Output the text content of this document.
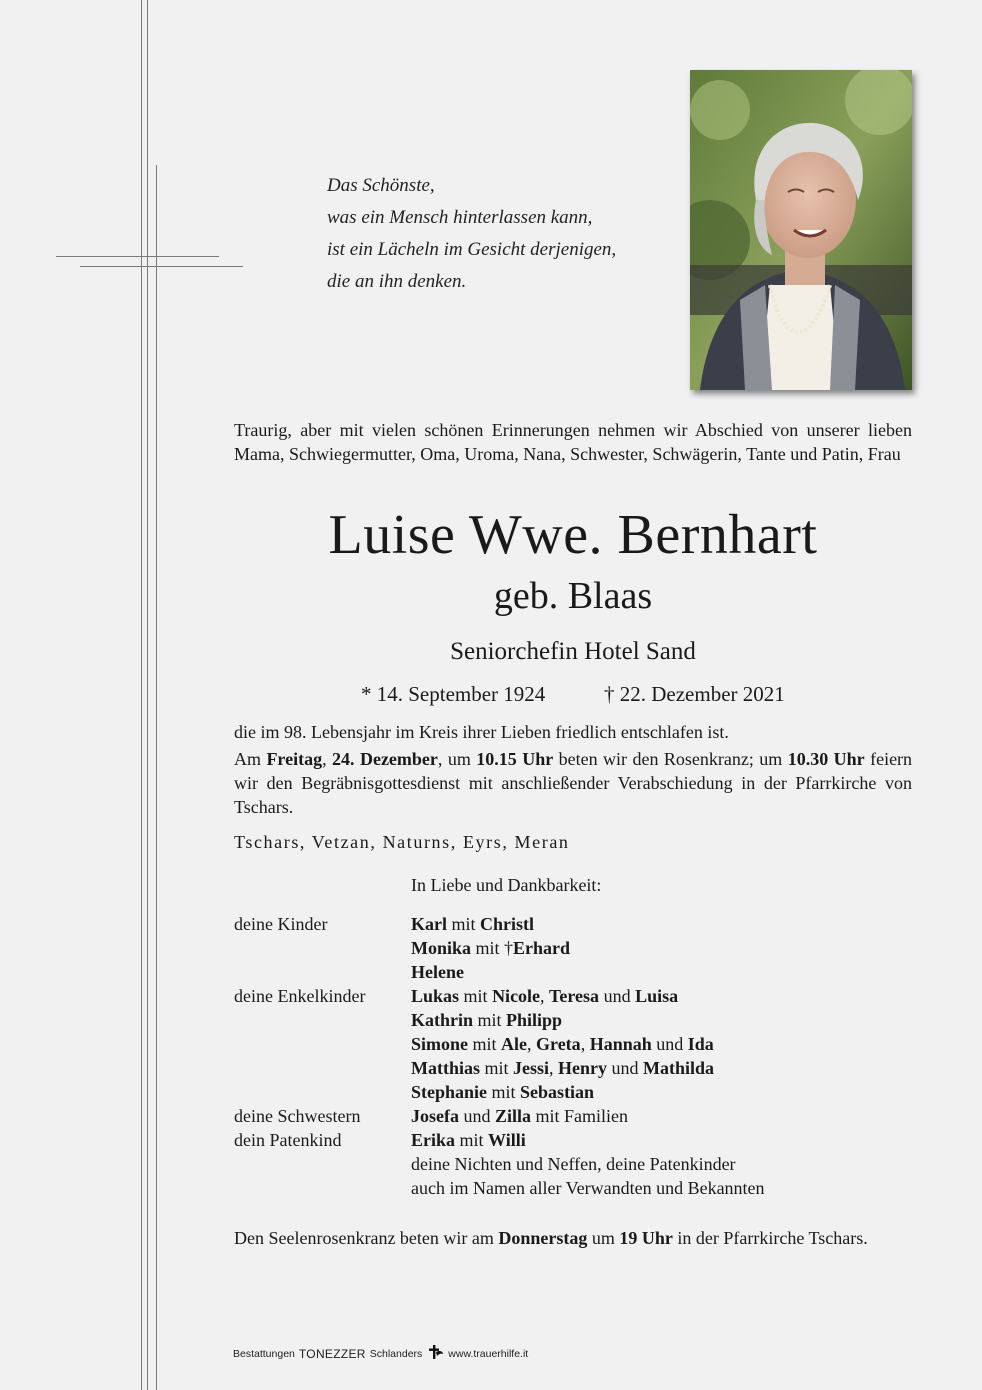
Das Schönste,
was ein Mensch hinterlassen kann,
ist ein Lächeln im Gesicht derjenigen,
die an ihn denken.
Traurig, aber mit vielen schönen Erinnerungen nehmen wir Abschied von unserer lieben Mama, Schwiegermutter, Oma, Uroma, Nana, Schwester, Schwägerin, Tante und Patin, Frau
Luise Wwe. Bernhart
geb. Blaas
Seniorchefin Hotel Sand
* 14. September 1924	† 22. Dezember 2021
die im 98. Lebensjahr im Kreis ihrer Lieben friedlich entschlafen ist.
Am Freitag, 24. Dezember, um 10.15 Uhr beten wir den Rosenkranz; um 10.30 Uhr feiern wir den Begräbnisgottesdienst mit anschließender Verabschiedung in der Pfarrkirche von Tschars.
Tschars, Vetzan, Naturns, Eyrs, Meran
In Liebe und Dankbarkeit:
deine Kinder	Karl mit Christl
Monika mit †Erhard
Helene
deine Enkelkinder	Lukas mit Nicole, Teresa und Luisa
Kathrin mit Philipp
Simone mit Ale, Greta, Hannah und Ida
Matthias mit Jessi, Henry und Mathilda
Stephanie mit Sebastian
deine Schwestern	Josefa und Zilla mit Familien
dein Patenkind	Erika mit Willi
deine Nichten und Neffen, deine Patenkinder
auch im Namen aller Verwandten und Bekannten
Den Seelenrosenkranz beten wir am Donnerstag um 19 Uhr in der Pfarrkirche Tschars.
Bestattungen TONEZZER Schlanders www.trauerhilfe.it
